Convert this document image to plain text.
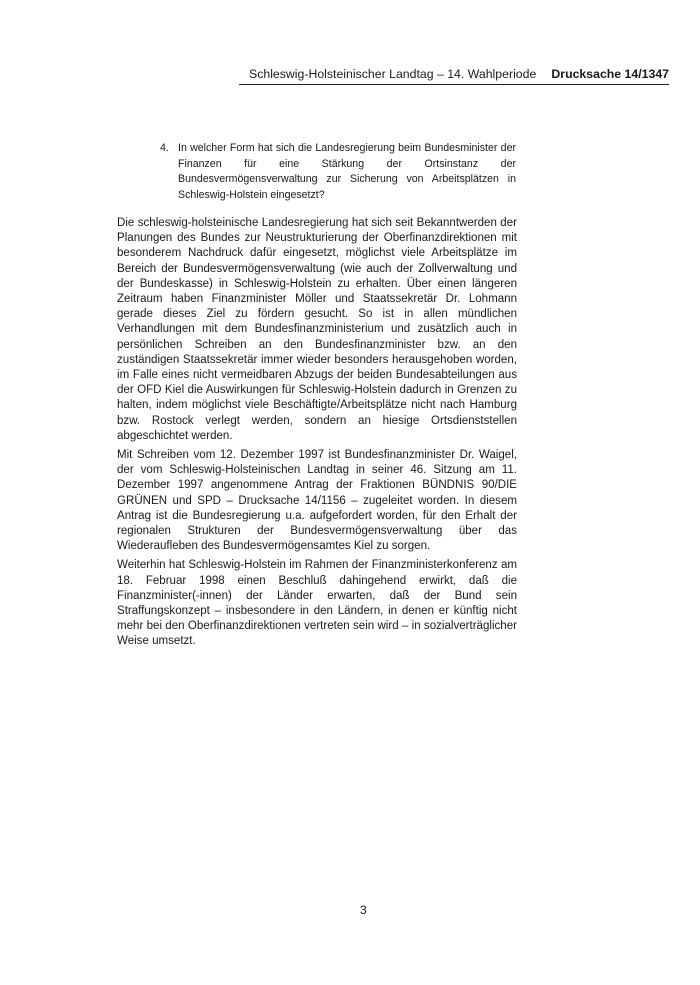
Schleswig-Holsteinischer Landtag – 14. Wahlperiode Drucksache 14/1347
4. In welcher Form hat sich die Landesregierung beim Bundesminister der Finanzen für eine Stärkung der Ortsinstanz der Bundesvermögensverwaltung zur Sicherung von Arbeitsplätzen in Schleswig-Holstein eingesetzt?

Die schleswig-holsteinische Landesregierung hat sich seit Bekanntwerden der Planungen des Bundes zur Neustrukturierung der Oberfinanzdirektionen mit besonderem Nachdruck dafür eingesetzt, möglichst viele Arbeitsplätze im Bereich der Bundesvermögensverwaltung (wie auch der Zollverwaltung und der Bundeskasse) in Schleswig-Holstein zu erhalten. Über einen längeren Zeitraum haben Finanzminister Möller und Staatssekretär Dr. Lohmann gerade dieses Ziel zu fördern gesucht. So ist in allen mündlichen Verhandlungen mit dem Bundesfinanzministerium und zusätzlich auch in persönlichen Schreiben an den Bundesfinanzminister bzw. an den zuständigen Staatssekretär immer wieder besonders herausgehoben worden, im Falle eines nicht vermeidbaren Abzugs der beiden Bundesabteilungen aus der OFD Kiel die Auswirkungen für Schleswig-Holstein dadurch in Grenzen zu halten, indem möglichst viele Beschäftigte/Arbeitsplätze nicht nach Hamburg bzw. Rostock verlegt werden, sondern an hiesige Ortsdienststellen abgeschichtet werden.

Mit Schreiben vom 12. Dezember 1997 ist Bundesfinanzminister Dr. Waigel, der vom Schleswig-Holsteinischen Landtag in seiner 46. Sitzung am 11. Dezember 1997 angenommene Antrag der Fraktionen BÜNDNIS 90/DIE GRÜNEN und SPD – Drucksache 14/1156 – zugeleitet worden. In diesem Antrag ist die Bundesregierung u.a. aufgefordert worden, für den Erhalt der regionalen Strukturen der Bundesvermögensverwaltung über das Wiederaufleben des Bundesvermögensamtes Kiel zu sorgen.

Weiterhin hat Schleswig-Holstein im Rahmen der Finanzministerkonferenz am 18. Februar 1998 einen Beschluß dahingehend erwirkt, daß die Finanzminister(-innen) der Länder erwarten, daß der Bund sein Straffungskonzept – insbesondere in den Ländern, in denen er künftig nicht mehr bei den Oberfinanzdirektionen vertreten sein wird – in sozialverträglicher Weise umsetzt.

3
